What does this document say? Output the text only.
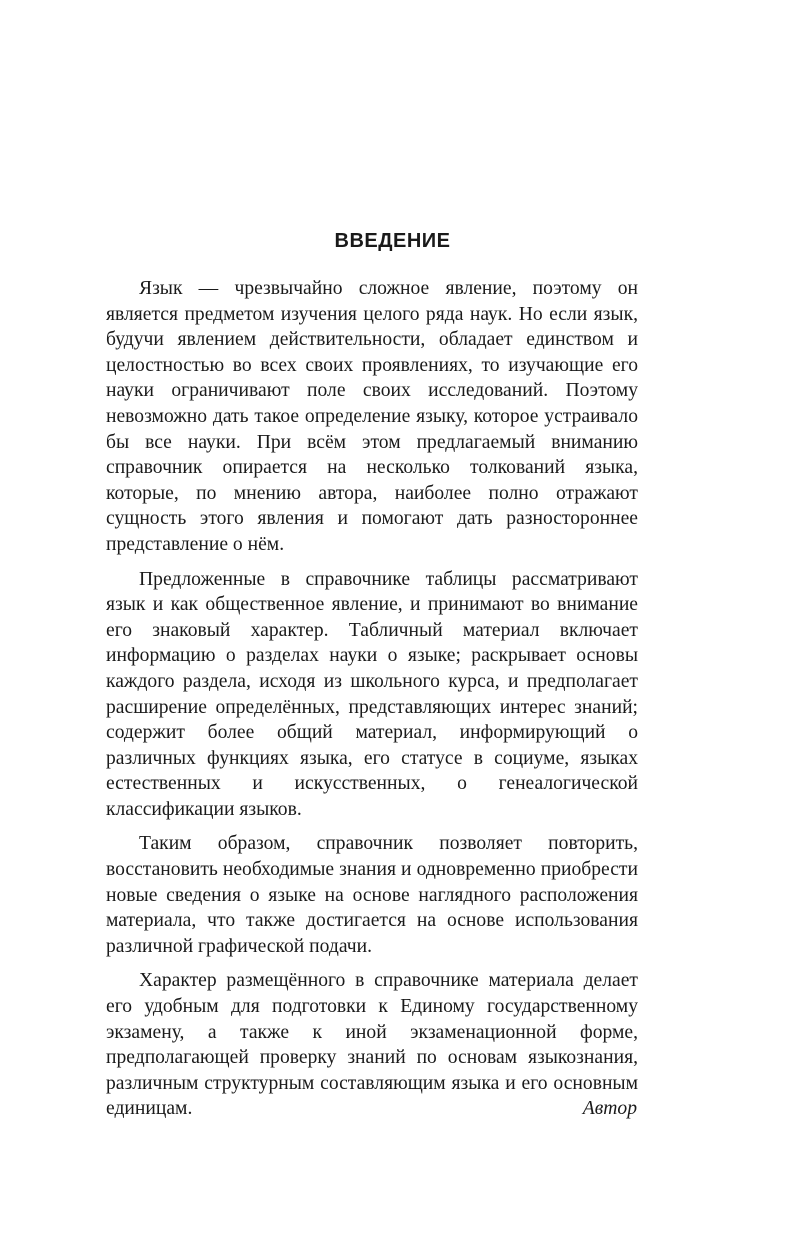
ВВЕДЕНИЕ

Язык — чрезвычайно сложное явление, поэтому он является предметом изучения целого ряда наук. Но если язык, будучи явлением действительности, обладает единством и целостностью во всех своих проявлениях, то изучающие его науки ограничивают поле своих исследований. Поэтому невозможно дать такое определение языку, которое устраивало бы все науки. При всём этом предлагаемый вниманию справочник опирается на несколько толкований языка, которые, по мнению автора, наиболее полно отражают сущность этого явления и помогают дать разностороннее представление о нём.

Предложенные в справочнике таблицы рассматривают язык и как общественное явление, и принимают во внимание его знаковый характер. Табличный материал включает информацию о разделах науки о языке; раскрывает основы каждого раздела, исходя из школьного курса, и предполагает расширение определённых, представляющих интерес знаний; содержит более общий материал, информирующий о различных функциях языка, его статусе в социуме, языках естественных и искусственных, о генеалогической классификации языков.

Таким образом, справочник позволяет повторить, восстановить необходимые знания и одновременно приобрести новые сведения о языке на основе наглядного расположения материала, что также достигается на основе использования различной графической подачи.

Характер размещённого в справочнике материала делает его удобным для подготовки к Единому государственному экзамену, а также к иной экзаменационной форме, предполагающей проверку знаний по основам языкознания, различным структурным составляющим языка и его основным единицам.	Автор
